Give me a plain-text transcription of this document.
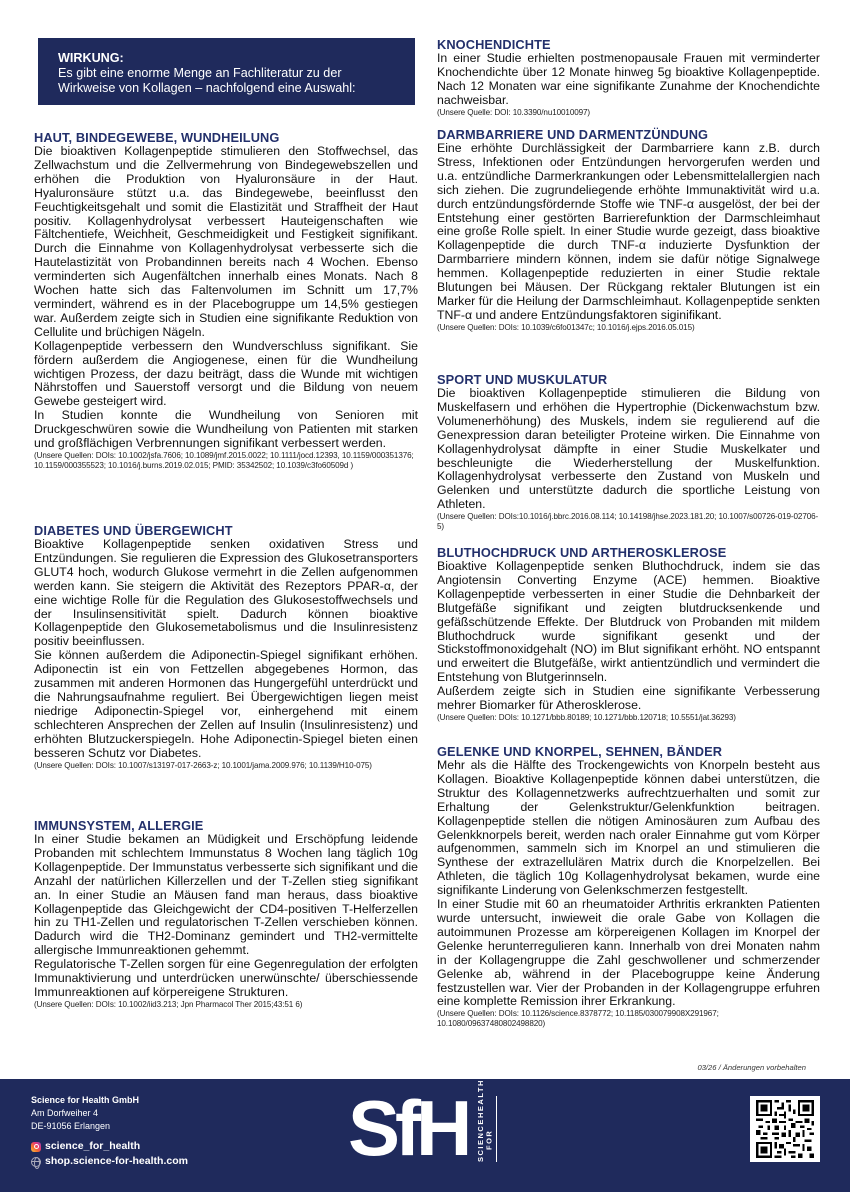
WIRKUNG:
Es gibt eine enorme Menge an Fachliteratur zu der Wirkweise von Kollagen – nachfolgend eine Auswahl:
HAUT, BINDEGEWEBE, WUNDHEILUNG

Die bioaktiven Kollagenpeptide stimulieren den Stoffwechsel, das Zellwachstum und die Zellvermehrung von Bindegewebszellen und erhöhen die Produktion von Hyaluronsäure in der Haut. Hyaluronsäure stützt u.a. das Bindegewebe, beeinflusst den Feuchtigkeitsgehalt und somit die Elastizität und Straffheit der Haut positiv. Kollagenhydrolysat verbessert Hauteigenschaften wie Fältchentiefe, Weichheit, Geschmeidigkeit und Festigkeit signifikant. Durch die Einnahme von Kollagenhydrolysat verbesserte sich die Hautelastizität von Probandinnen bereits nach 4 Wochen. Ebenso verminderten sich Augenfältchen innerhalb eines Monats. Nach 8 Wochen hatte sich das Faltenvolumen im Schnitt um 17,7% vermindert, während es in der Placebogruppe um 14,5% gestiegen war. Außerdem zeigte sich in Studien eine signifikante Reduktion von Cellulite und brüchigen Nägeln.

Kollagenpeptide verbessern den Wundverschluss signifikant. Sie fördern außerdem die Angiogenese, einen für die Wundheilung wichtigen Prozess, der dazu beiträgt, dass die Wunde mit wichtigen Nährstoffen und Sauerstoff versorgt und die Bildung von neuem Gewebe gesteigert wird.

In Studien konnte die Wundheilung von Senioren mit Druckgeschwüren sowie die Wundheilung von Patienten mit starken und großflächigen Verbrennungen signifikant verbessert werden.

(Unsere Quellen: DOIs: 10.1002/jsfa.7606; 10.1089/jmf.2015.0022; 10.1111/jocd.12393, 10.1159/000351376; 10.1159/000355523; 10.1016/j.burns.2019.02.015; PMID: 35342502; 10.1039/c3fo60509d )
DIABETES UND ÜBERGEWICHT

Bioaktive Kollagenpeptide senken oxidativen Stress und Entzündungen. Sie regulieren die Expression des Glukosetransporters GLUT4 hoch, wodurch Glukose vermehrt in die Zellen aufgenommen werden kann. Sie steigern die Aktivität des Rezeptors PPAR-α, der eine wichtige Rolle für die Regulation des Glukosestoffwechsels und der Insulinsensitivität spielt. Dadurch können bioaktive Kollagenpeptide den Glukosemetabolismus und die Insulinresistenz positiv beeinflussen.

Sie können außerdem die Adiponectin-Spiegel signifikant erhöhen. Adiponectin ist ein von Fettzellen abgegebenes Hormon, das zusammen mit anderen Hormonen das Hungergefühl unterdrückt und die Nahrungsaufnahme reguliert. Bei Übergewichtigen liegen meist niedrige Adiponectin-Spiegel vor, einhergehend mit einem schlechteren Ansprechen der Zellen auf Insulin (Insulinresistenz) und erhöhten Blutzuckerspiegeln. Hohe Adiponectin-Spiegel bieten einen besseren Schutz vor Diabetes.

(Unsere Quellen: DOIs: 10.1007/s13197-017-2663-z; 10.1001/jama.2009.976; 10.1139/H10-075)
IMMUNSYSTEM, ALLERGIE

In einer Studie bekamen an Müdigkeit und Erschöpfung leidende Probanden mit schlechtem Immunstatus 8 Wochen lang täglich 10g Kollagenpeptide. Der Immunstatus verbesserte sich signifikant und die Anzahl der natürlichen Killerzellen und der T-Zellen stieg signifikant an. In einer Studie an Mäusen fand man heraus, dass bioaktive Kollagenpeptide das Gleichgewicht der CD4-positiven T-Helferzellen hin zu TH1-Zellen und regulatorischen T-Zellen verschieben können. Dadurch wird die TH2-Dominanz gemindert und TH2-vermittelte allergische Immunreaktionen gehemmt.

Regulatorische T-Zellen sorgen für eine Gegenregulation der erfolgten Immunaktivierung und unterdrücken unerwünschte/ überschiessende Immunreaktionen auf körpereigene Strukturen.

(Unsere Quellen: DOIs: 10.1002/iid3.213; Jpn Pharmacol Ther 2015;43:51 6)
KNOCHENDICHTE

In einer Studie erhielten postmenopausale Frauen mit verminderter Knochendichte über 12 Monate hinweg 5g bioaktive Kollagenpeptide. Nach 12 Monaten war eine signifikante Zunahme der Knochendichte nachweisbar.

(Unsere Quelle: DOI: 10.3390/nu10010097)
DARMBARRIERE UND DARMENTZÜNDUNG

Eine erhöhte Durchlässigkeit der Darmbarriere kann z.B. durch Stress, Infektionen oder Entzündungen hervorgerufen werden und u.a. entzündliche Darmerkrankungen oder Lebensmittelallergien nach sich ziehen. Die zugrundeliegende erhöhte Immunaktivität wird u.a. durch entzündungsfördernde Stoffe wie TNF-α ausgelöst, der bei der Entstehung einer gestörten Barrierefunktion der Darmschleimhaut eine große Rolle spielt. In einer Studie wurde gezeigt, dass bioaktive Kollagenpeptide die durch TNF-α induzierte Dysfunktion der Darmbarriere mindern können, indem sie dafür nötige Signalwege hemmen. Kollagenpeptide reduzierten in einer Studie rektale Blutungen bei Mäusen. Der Rückgang rektaler Blutungen ist ein Marker für die Heilung der Darmschleimhaut. Kollagenpeptide senkten TNF-α und andere Entzündungsfaktoren siginifikant.

(Unsere Quellen: DOIs: 10.1039/c6fo01347c; 10.1016/j.ejps.2016.05.015)
SPORT UND MUSKULATUR

Die bioaktiven Kollagenpeptide stimulieren die Bildung von Muskelfasern und erhöhen die Hypertrophie (Dickenwachstum bzw. Volumenerhöhung) des Muskels, indem sie regulierend auf die Genexpression daran beteiligter Proteine wirken. Die Einnahme von Kollagenhydrolysat dämpfte in einer Studie Muskelkater und beschleunigte die Wiederherstellung der Muskelfunktion. Kollagenhydrolysat verbesserte den Zustand von Muskeln und Gelenken und unterstützte dadurch die sportliche Leistung von Athleten.

(Unsere Quellen: DOIs:10.1016/j.bbrc.2016.08.114; 10.14198/jhse.2023.181.20; 10.1007/s00726-019-02706-5)
BLUTHOCHDRUCK UND ARTHEROSKLEROSE

Bioaktive Kollagenpeptide senken Bluthochdruck, indem sie das Angiotensin Converting Enzyme (ACE) hemmen. Bioaktive Kollagenpeptide verbesserten in einer Studie die Dehnbarkeit der Blutgefäße signifikant und zeigten blutdrucksenkende und gefäßschützende Effekte. Der Blutdruck von Probanden mit mildem Bluthochdruck wurde signifikant gesenkt und der Stickstoffmonoxidgehalt (NO) im Blut signifikant erhöht. NO entspannt und erweitert die Blutgefäße, wirkt antientzündlich und vermindert die Entstehung von Blutgerinnseln.

Außerdem zeigte sich in Studien eine signifikante Verbesserung mehrer Biomarker für Atherosklerose.

(Unsere Quellen: DOIs: 10.1271/bbb.80189; 10.1271/bbb.120718; 10.5551/jat.36293)
GELENKE UND KNORPEL, SEHNEN, BÄNDER

Mehr als die Hälfte des Trockengewichts von Knorpeln besteht aus Kollagen. Bioaktive Kollagenpeptide können dabei unterstützen, die Struktur des Kollagennetzwerks aufrechtzuerhalten und somit zur Erhaltung der Gelenkstruktur/Gelenkfunktion beitragen. Kollagenpeptide stellen die nötigen Aminosäuren zum Aufbau des Gelenkknorpels bereit, werden nach oraler Einnahme gut vom Körper aufgenommen, sammeln sich im Knorpel an und stimulieren die Synthese der extrazellulären Matrix durch die Knorpelzellen. Bei Athleten, die täglich 10g Kollagenhydrolysat bekamen, wurde eine signifikante Linderung von Gelenkschmerzen festgestellt.

In einer Studie mit 60 an rheumatoider Arthritis erkrankten Patienten wurde untersucht, inwieweit die orale Gabe von Kollagen die autoimmunen Prozesse am körpereigenen Kollagen im Knorpel der Gelenke herunterregulieren kann. Innerhalb von drei Monaten nahm in der Kollagengruppe die Zahl geschwollener und schmerzender Gelenke ab, während in der Placebogruppe keine Änderung festzustellen war. Vier der Probanden in der Kollagengruppe erfuhren eine komplette Remission ihrer Erkrankung.

(Unsere Quellen: DOIs: 10.1126/science.8378772; 10.1185/030079908X291967; 10.1080/09637480802498820)
03/26 / Änderungen vorbehalten
Science for Health GmbH
Am Dorfweiher 4
DE-91056 Erlangen
science_for_health
shop.science-for-health.com SfH SCIENCE FOR
HEALTH
